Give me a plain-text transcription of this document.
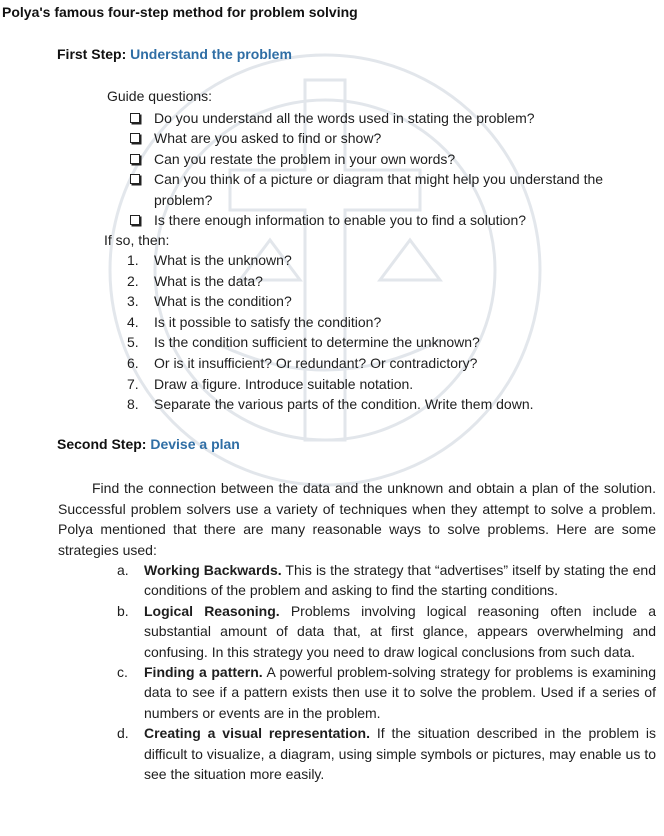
Polya's famous four-step method for problem solving
First Step: Understand the problem
Guide questions:
Do you understand all the words used in stating the problem?
What are you asked to find or show?
Can you restate the problem in your own words?
Can you think of a picture or diagram that might help you understand the problem?
Is there enough information to enable you to find a solution?
If so, then:
1. What is the unknown?
2. What is the data?
3. What is the condition?
4. Is it possible to satisfy the condition?
5. Is the condition sufficient to determine the unknown?
6. Or is it insufficient? Or redundant? Or contradictory?
7. Draw a figure. Introduce suitable notation.
8. Separate the various parts of the condition. Write them down.
Second Step: Devise a plan

Find the connection between the data and the unknown and obtain a plan of the solution. Successful problem solvers use a variety of techniques when they attempt to solve a problem. Polya mentioned that there are many reasonable ways to solve problems. Here are some strategies used:

a. Working Backwards. This is the strategy that “advertises” itself by stating the end conditions of the problem and asking to find the starting conditions.
b. Logical Reasoning. Problems involving logical reasoning often include a substantial amount of data that, at first glance, appears overwhelming and confusing. In this strategy you need to draw logical conclusions from such data.
c. Finding a pattern. A powerful problem-solving strategy for problems is examining data to see if a pattern exists then use it to solve the problem. Used if a series of numbers or events are in the problem.
d. Creating a visual representation. If the situation described in the problem is difficult to visualize, a diagram, using simple symbols or pictures, may enable us to see the situation more easily.
